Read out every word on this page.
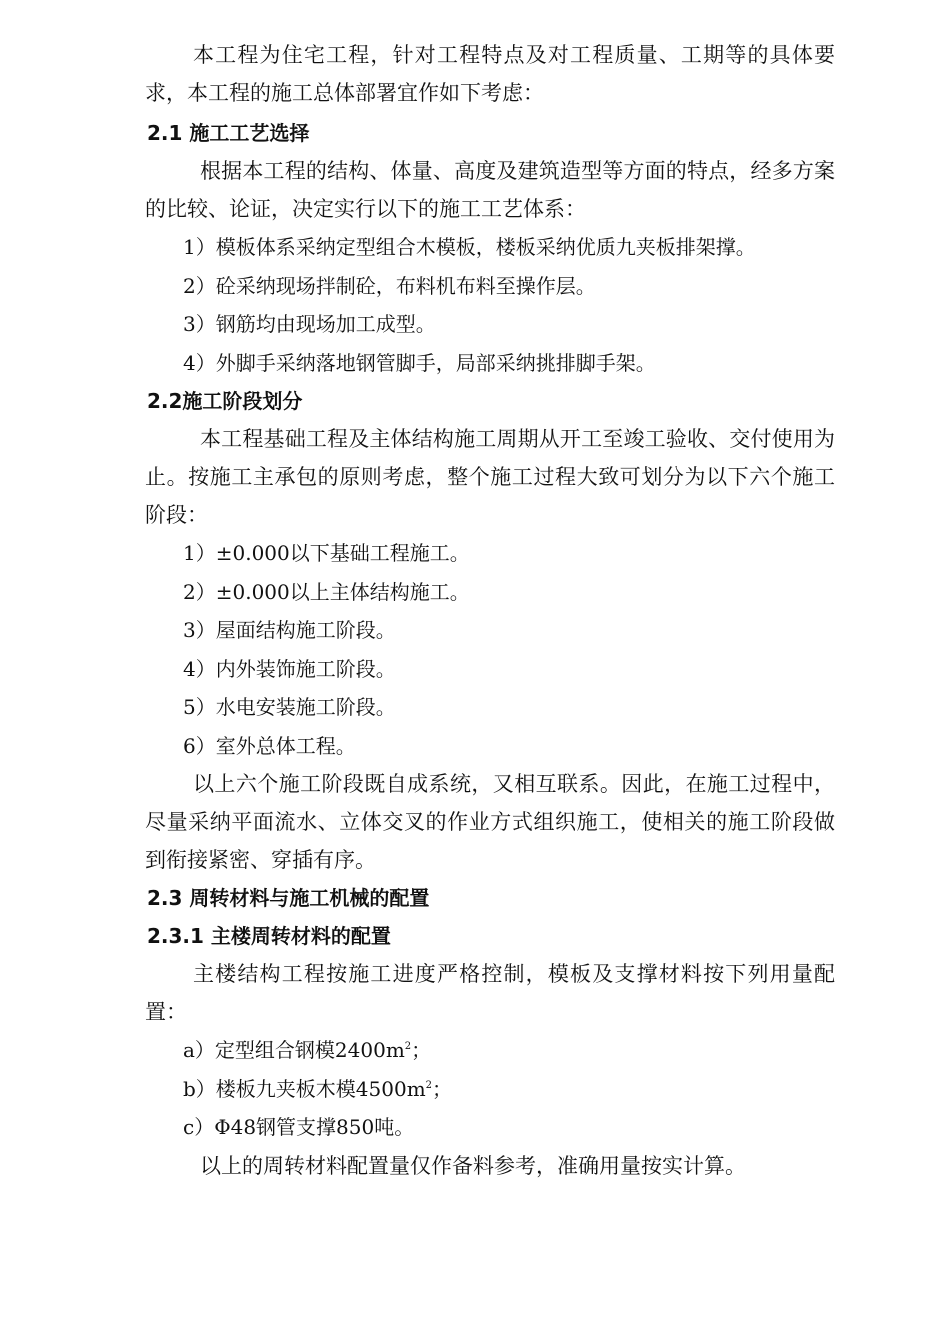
本工程为住宅工程，针对工程特点及对工程质量、工期等的具体要求，本工程的施工总体部署宜作如下考虑：

2.1 施工工艺选择

根据本工程的结构、体量、高度及建筑造型等方面的特点，经多方案的比较、论证，决定实行以下的施工工艺体系：

1）模板体系采纳定型组合木模板，楼板采纳优质九夹板排架撑。

2）砼采纳现场拌制砼，布料机布料至操作层。

3）钢筋均由现场加工成型。

4）外脚手采纳落地钢管脚手，局部采纳挑排脚手架。

2.2施工阶段划分

本工程基础工程及主体结构施工周期从开工至竣工验收、交付使用为止。按施工主承包的原则考虑，整个施工过程大致可划分为以下六个施工阶段：

1）±0.000以下基础工程施工。

2）±0.000以上主体结构施工。

3）屋面结构施工阶段。

4）内外装饰施工阶段。

5）水电安装施工阶段。

6）室外总体工程。

以上六个施工阶段既自成系统，又相互联系。因此，在施工过程中，尽量采纳平面流水、立体交叉的作业方式组织施工，使相关的施工阶段做到衔接紧密、穿插有序。

2.3 周转材料与施工机械的配置

2.3.1 主楼周转材料的配置

主楼结构工程按施工进度严格控制，模板及支撑材料按下列用量配置：

a）定型组合钢模$2400m^2$；

b）楼板九夹板木模$4500m^2$；

c）Φ48钢管支撑850吨。

以上的周转材料配置量仅作备料参考，准确用量按实计算。
